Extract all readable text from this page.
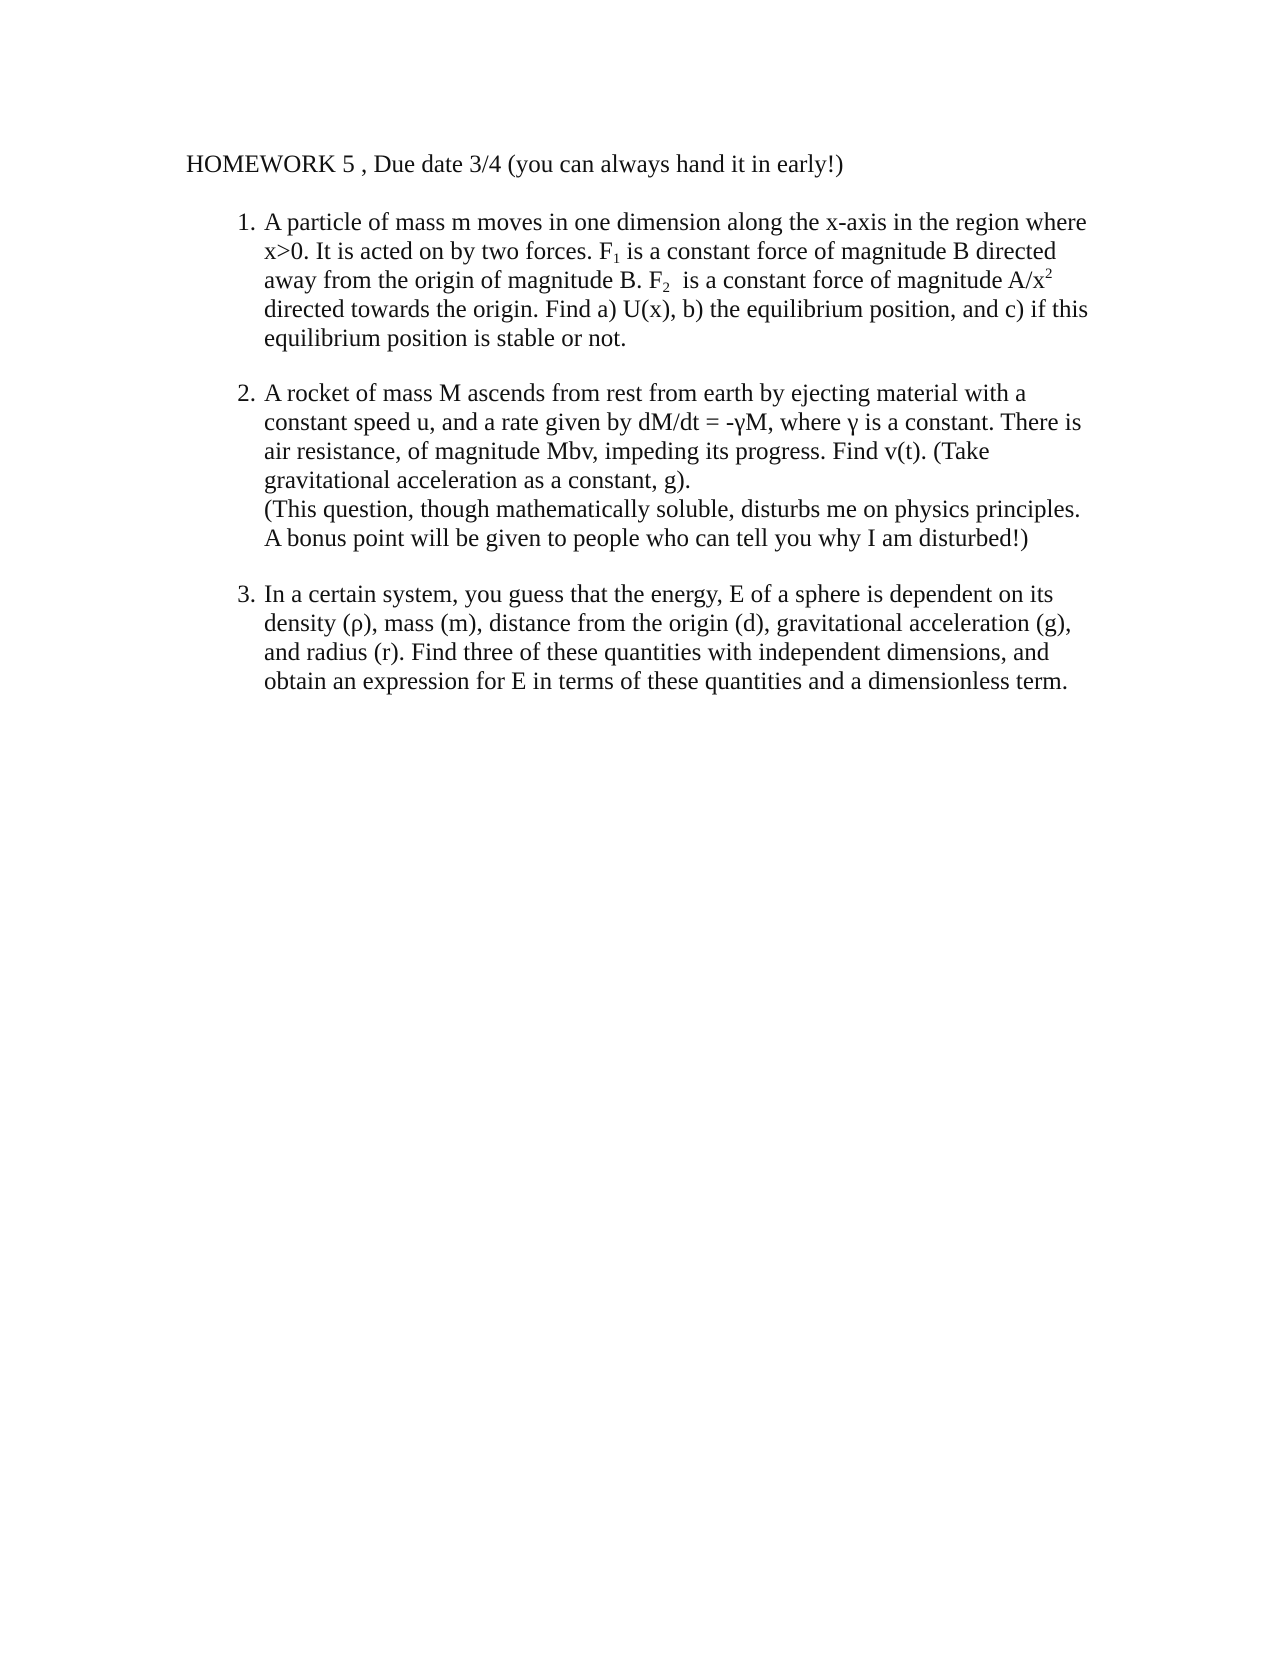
HOMEWORK 5 , Due date 3/4 (you can always hand it in early!)
1. A particle of mass m moves in one dimension along the x-axis in the region where
x>0. It is acted on by two forces. $F_1$ is a constant force of magnitude B directed
away from the origin of magnitude B. $F_2$  is a constant force of magnitude $A/x^2$
directed towards the origin. Find a) U(x), b) the equilibrium position, and c) if this
equilibrium position is stable or not.
2. A rocket of mass M ascends from rest from earth by ejecting material with a
constant speed u, and a rate given by dM/dt = -γM, where γ is a constant. There is
air resistance, of magnitude Mbv, impeding its progress. Find v(t). (Take
gravitational acceleration as a constant, g).
(This question, though mathematically soluble, disturbs me on physics principles.
A bonus point will be given to people who can tell you why I am disturbed!)
3. In a certain system, you guess that the energy, E of a sphere is dependent on its
density (ρ), mass (m), distance from the origin (d), gravitational acceleration (g),
and radius (r). Find three of these quantities with independent dimensions, and
obtain an expression for E in terms of these quantities and a dimensionless term.
